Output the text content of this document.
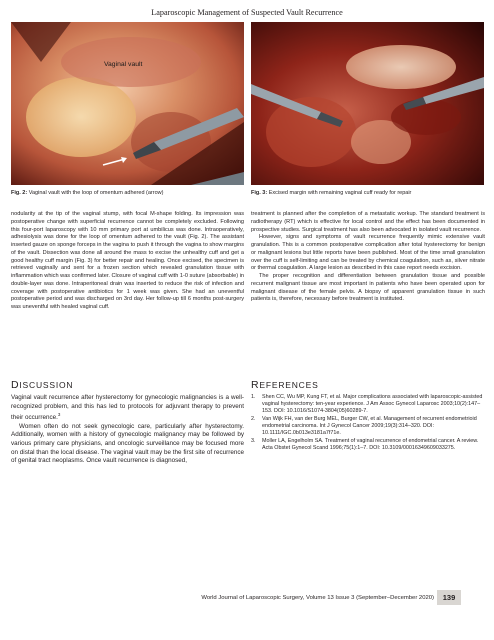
Laparoscopic Management of Suspected Vault Recurrence
Vaginal vault
Fig. 2: Vaginal vault with the loop of omentum adhered (arrow)	Fig. 3: Excised margin with remaining vaginal cuff ready for repair

nodularity at the tip of the vaginal stump, with focal M-shape folding. Its impression was postoperative change with superficial recurrence cannot be completely excluded. Following this four-port laparoscopy with 10 mm primary port at umbilicus was done. Intraoperatively, adhesiolysis was done for the loop of omentum adhered to the vault (Fig. 2). The assistant inserted gauze on sponge forceps in the vagina to push it through the vagina to show margins of the vault. Dissection was done all around the mass to excise the unhealthy cuff and get a good healthy cuff margin (Fig. 3) for better repair and healing. Once excised, the specimen is retrieved vaginally and sent for a frozen section which revealed granulation tissue with inflammation which was confirmed later. Closure of vaginal cuff with 1-0 suture (absorbable) in double-layer was done. Intraperitoneal drain was inserted to reduce the risk of infection and coverage with postoperative antibiotics for 1 week was given. She had an uneventful postoperative period and was discharged on 3rd day. Her follow-up till 6 months post-surgery was uneventful with healed vaginal cuff.

treatment is planned after the completion of a metastatic workup. The standard treatment is radiotherapy (RT) which is effective for local control and the effect has been documented in prospective studies. Surgical treatment has also been advocated in isolated vault recurrence.

However, signs and symptoms of vault recurrence frequently mimic extensive vault granulation. This is a common postoperative complication after total hysterectomy for benign or malignant lesions but little reports have been published. Most of the time small granulation over the cuff is self-limiting and can be treated by chemical coagulation, such as, silver nitrate or thermal coagulation. A large lesion as described in this case report needs excision.

The proper recognition and differentiation between granulation tissue and possible recurrent malignant tissue are most important in patients who have been operated upon for malignant disease of the female pelvis. A biopsy of apparent granulation tissue in such patients is, therefore, necessary before treatment is instituted.

DISCUSSION

Vaginal vault recurrence after hysterectomy for gynecologic malignancies is a well-recognized problem, and this has led to protocols for adjuvant therapy to prevent their occurrence.$^3$

Women often do not seek gynecologic care, particularly after hysterectomy. Additionally, women with a history of gynecologic malignancy may be followed by various primary care physicians, and oncologic surveillance may be focused more on distal than the local disease. The vaginal vault may be the first site of recurrence of genital tract neoplasms. Once vault recurrence is diagnosed,

REFERENCES
1. Shen CC, Wu MP, Kung FT, et al. Major complications associated with laparoscopic-assisted vaginal hysterectomy: ten-year experience. J Am Assoc Gynecol Laparosc 2003;10(2):147–153. DOI: 10.1016/S1074-3804(05)60289-7.
2. Van Wijk FH, van der Burg MEL, Burger CW, et al. Management of recurrent endometrioid endometrial carcinoma. Int J Gynecol Cancer 2009;19(3):314–320. DOI: 10.1111/IGC.0b013e3181a7f71e.
3. Moller LA, Engelholm SA. Treatment of vaginal recurrence of endometrial cancer. A review. Acta Obstet Gynecol Scand 1996;75(1):1–7. DOI: 10.3109/00016349609033275.
World Journal of Laparoscopic Surgery, Volume 13 Issue 3 (September–December 2020)	139
